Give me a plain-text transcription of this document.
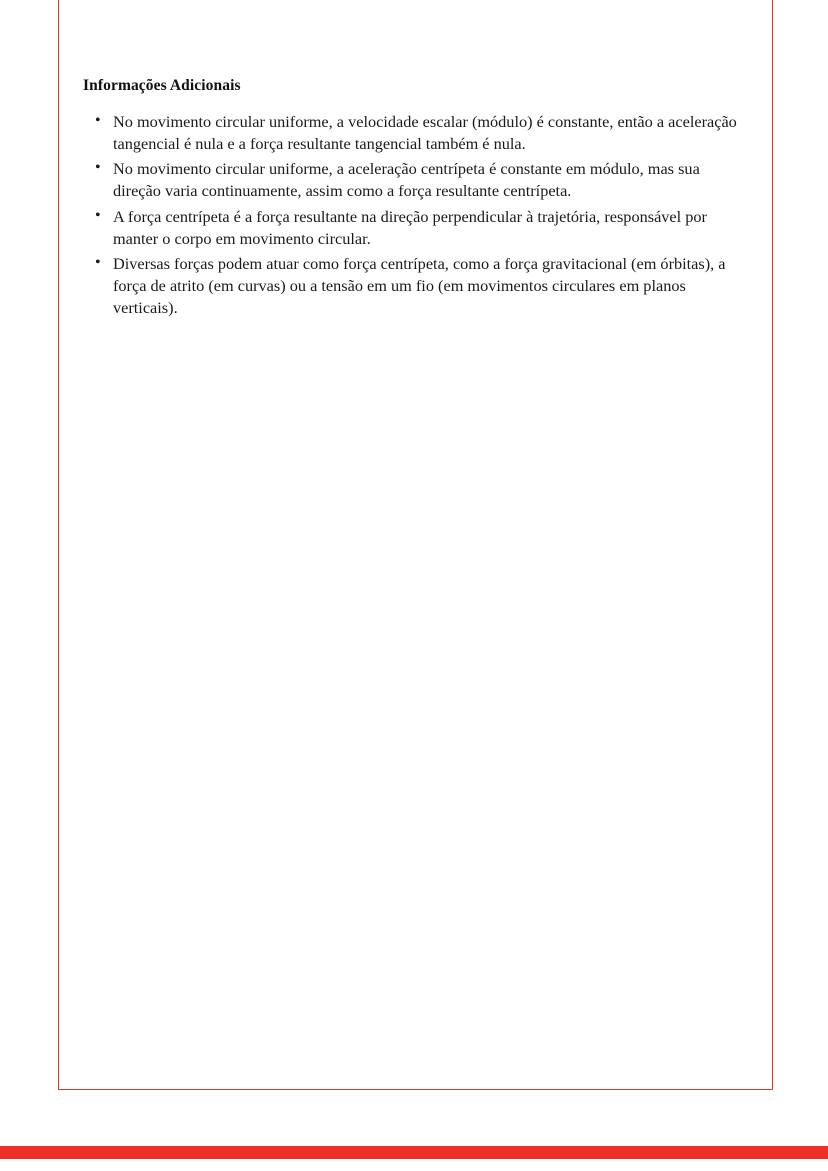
Informações Adicionais
• No movimento circular uniforme, a velocidade escalar (módulo) é constante, então a aceleração tangencial é nula e a força resultante tangencial também é nula.
• No movimento circular uniforme, a aceleração centrípeta é constante em módulo, mas sua direção varia continuamente, assim como a força resultante centrípeta.
• A força centrípeta é a força resultante na direção perpendicular à trajetória, responsável por manter o corpo em movimento circular.
• Diversas forças podem atuar como força centrípeta, como a força gravitacional (em órbitas), a força de atrito (em curvas) ou a tensão em um fio (em movimentos circulares em planos verticais).
